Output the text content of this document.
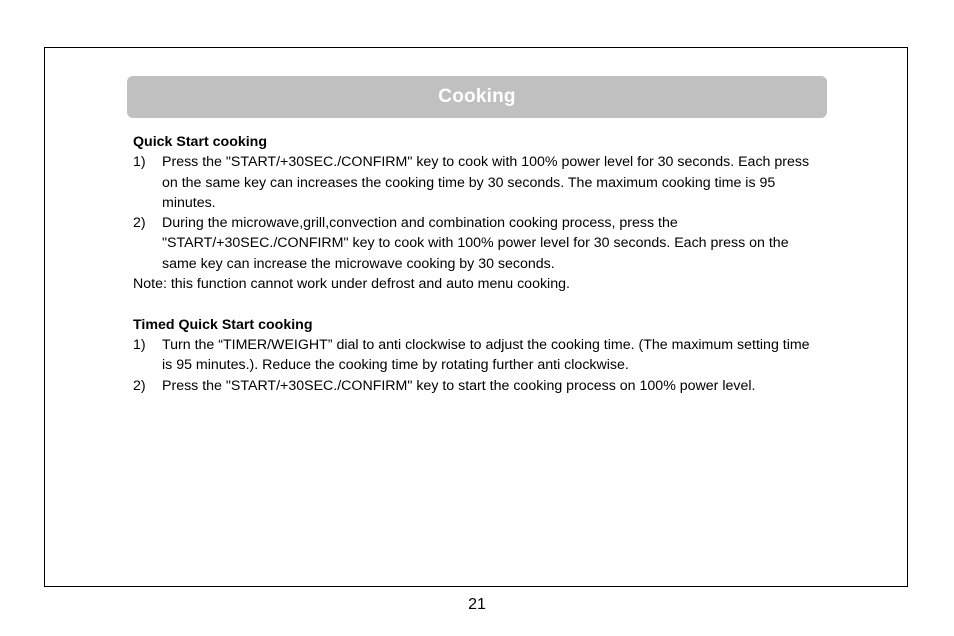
Cooking
Quick Start cooking
1)	Press the "START/+30SEC./CONFIRM" key to cook with 100% power level for 30 seconds. Each press on the same key can increases the cooking time by 30 seconds. The maximum cooking time is 95 minutes.
2)	During the microwave,grill,convection and combination cooking process, press the "START/+30SEC./CONFIRM" key to cook with 100% power level for 30 seconds. Each press on the same key can increase the microwave cooking by 30 seconds.
Note: this function cannot work under defrost and auto menu cooking.
Timed Quick Start cooking
1)	Turn the “TIMER/WEIGHT” dial to anti clockwise to adjust the cooking time. (The maximum setting time is 95 minutes.). Reduce the cooking time by rotating further anti clockwise.
2)	Press the "START/+30SEC./CONFIRM" key to start the cooking process on 100% power level.
21
